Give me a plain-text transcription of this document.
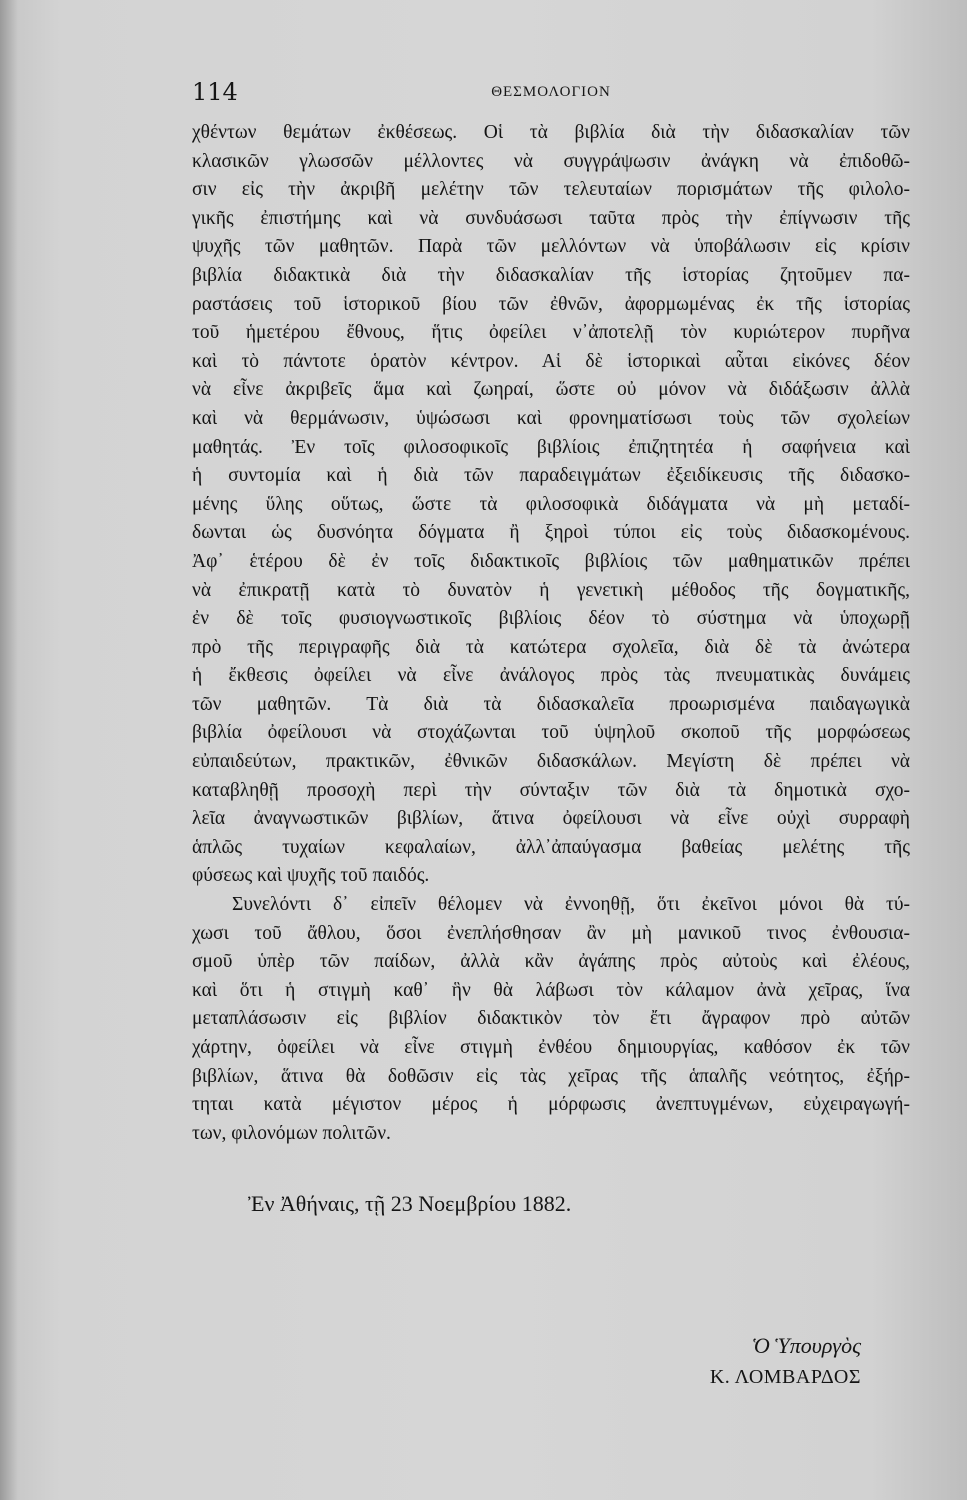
114	ΘΕΣΜΟΛΟΓΙΟΝ
χθέντων θεμάτων ἐκθέσεως. Οἱ τὰ βιβλία διὰ τὴν διδασκαλίαν τῶν
κλασικῶν γλωσσῶν μέλλοντες νὰ συγγράψωσιν ἀνάγκη νὰ ἐπιδοθῶ-
σιν εἰς τὴν ἀκριβῆ μελέτην τῶν τελευταίων πορισμάτων τῆς φιλολο-
γικῆς ἐπιστήμης καὶ νὰ συνδυάσωσι ταῦτα πρὸς τὴν ἐπίγνωσιν τῆς
ψυχῆς τῶν μαθητῶν. Παρὰ τῶν μελλόντων νὰ ὑποβάλωσιν εἰς κρίσιν
βιβλία διδακτικὰ διὰ τὴν διδασκαλίαν τῆς ἱστορίας ζητοῦμεν πα-
ραστάσεις τοῦ ἱστορικοῦ βίου τῶν ἐθνῶν, ἀφορμωμένας ἐκ τῆς ἱστορίας
τοῦ ἡμετέρου ἔθνους, ἥτις ὀφείλει ν᾽ἀποτελῇ τὸν κυριώτερον πυρῆνα
καὶ τὸ πάντοτε ὁρατὸν κέντρον. Αἱ δὲ ἱστορικαὶ αὗται εἰκόνες δέον
νὰ εἶνε ἀκριβεῖς ἅμα καὶ ζωηραί, ὥστε οὐ μόνον νὰ διδάξωσιν ἀλλὰ
καὶ νὰ θερμάνωσιν, ὑψώσωσι καὶ φρονηματίσωσι τοὺς τῶν σχολείων
μαθητάς. Ἐν τοῖς φιλοσοφικοῖς βιβλίοις ἐπιζητητέα ἡ σαφήνεια καὶ
ἡ συντομία καὶ ἡ διὰ τῶν παραδειγμάτων ἐξειδίκευσις τῆς διδασκο-
μένης ὕλης οὕτως, ὥστε τὰ φιλοσοφικὰ διδάγματα νὰ μὴ μεταδί-
δωνται ὡς δυσνόητα δόγματα ἢ ξηροὶ τύποι εἰς τοὺς διδασκομένους.
Ἀφ᾽ ἑτέρου δὲ ἐν τοῖς διδακτικοῖς βιβλίοις τῶν μαθηματικῶν πρέπει
νὰ ἐπικρατῇ κατὰ τὸ δυνατὸν ἡ γενετικὴ μέθοδος τῆς δογματικῆς,
ἐν δὲ τοῖς φυσιογνωστικοῖς βιβλίοις δέον τὸ σύστημα νὰ ὑποχωρῇ
πρὸ τῆς περιγραφῆς διὰ τὰ κατώτερα σχολεῖα, διὰ δὲ τὰ ἀνώτερα
ἡ ἔκθεσις ὀφείλει νὰ εἶνε ἀνάλογος πρὸς τὰς πνευματικὰς δυνάμεις
τῶν μαθητῶν. Τὰ διὰ τὰ διδασκαλεῖα προωρισμένα παιδαγωγικὰ
βιβλία ὀφείλουσι νὰ στοχάζωνται τοῦ ὑψηλοῦ σκοποῦ τῆς μορφώσεως
εὐπαιδεύτων, πρακτικῶν, ἐθνικῶν διδασκάλων. Μεγίστη δὲ πρέπει νὰ
καταβληθῇ προσοχὴ περὶ τὴν σύνταξιν τῶν διὰ τὰ δημοτικὰ σχο-
λεῖα ἀναγνωστικῶν βιβλίων, ἅτινα ὀφείλουσι νὰ εἶνε οὐχὶ συρραφὴ
ἁπλῶς τυχαίων κεφαλαίων, ἀλλ᾽ἀπαύγασμα βαθείας μελέτης τῆς
φύσεως καὶ ψυχῆς τοῦ παιδός.
Συνελόντι δ᾽ εἰπεῖν θέλομεν νὰ ἐννοηθῇ, ὅτι ἐκεῖνοι μόνοι θὰ τύ-
χωσι τοῦ ἄθλου, ὅσοι ἐνεπλήσθησαν ἂν μὴ μανικοῦ τινος ἐνθουσια-
σμοῦ ὑπὲρ τῶν παίδων, ἀλλὰ κἂν ἀγάπης πρὸς αὐτοὺς καὶ ἐλέους,
καὶ ὅτι ἡ στιγμὴ καθ᾽ ἣν θὰ λάβωσι τὸν κάλαμον ἀνὰ χεῖρας, ἵνα
μεταπλάσωσιν εἰς βιβλίον διδακτικὸν τὸν ἔτι ἄγραφον πρὸ αὐτῶν
χάρτην, ὀφείλει νὰ εἶνε στιγμὴ ἐνθέου δημιουργίας, καθόσον ἐκ τῶν
βιβλίων, ἅτινα θὰ δοθῶσιν εἰς τὰς χεῖρας τῆς ἁπαλῆς νεότητος, ἐξήρ-
τηται κατὰ μέγιστον μέρος ἡ μόρφωσις ἀνεπτυγμένων, εὐχειραγωγή-
των, φιλονόμων πολιτῶν.
Ἐν Ἀθήναις, τῇ 23 Νοεμβρίου 1882.
Ὁ Ὑπουργὸς
Κ. ΛΟΜΒΑΡΔΟΣ
